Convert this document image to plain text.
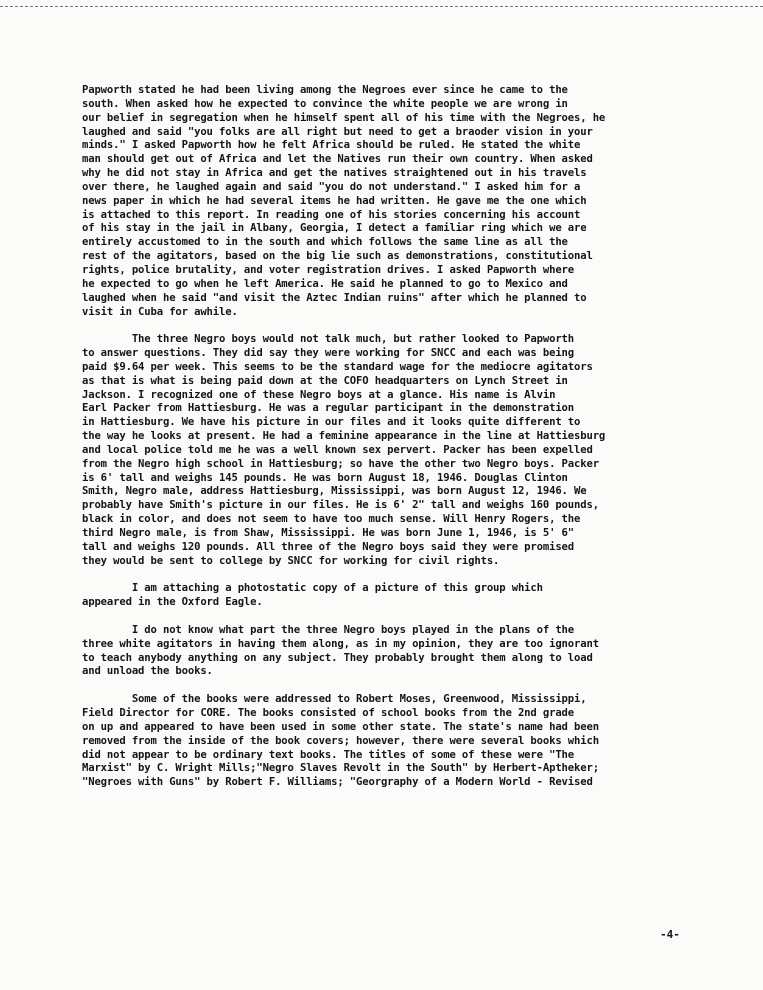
Papworth stated he had been living among the Negroes ever since he came to the
south. When asked how he expected to convince the white people we are wrong in
our belief in segregation when he himself spent all of his time with the Negroes, he
laughed and said "you folks are all right but need to get a braoder vision in your
minds." I asked Papworth how he felt Africa should be ruled. He stated the white
man should get out of Africa and let the Natives run their own country. When asked
why he did not stay in Africa and get the natives straightened out in his travels
over there, he laughed again and said "you do not understand." I asked him for a
news paper in which he had several items he had written. He gave me the one which
is attached to this report. In reading one of his stories concerning his account
of his stay in the jail in Albany, Georgia, I detect a familiar ring which we are
entirely accustomed to in the south and which follows the same line as all the
rest of the agitators, based on the big lie such as demonstrations, constitutional
rights, police brutality, and voter registration drives. I asked Papworth where
he expected to go when he left America. He said he planned to go to Mexico and
laughed when he said "and visit the Aztec Indian ruins" after which he planned to
visit in Cuba for awhile.
The three Negro boys would not talk much, but rather looked to Papworth
to answer questions. They did say they were working for SNCC and each was being
paid $9.64 per week. This seems to be the standard wage for the mediocre agitators
as that is what is being paid down at the COFO headquarters on Lynch Street in
Jackson. I recognized one of these Negro boys at a glance. His name is Alvin
Earl Packer from Hattiesburg. He was a regular participant in the demonstration
in Hattiesburg. We have his picture in our files and it looks quite different to
the way he looks at present. He had a feminine appearance in the line at Hattiesburg
and local police told me he was a well known sex pervert. Packer has been expelled
from the Negro high school in Hattiesburg; so have the other two Negro boys. Packer
is 6' tall and weighs 145 pounds. He was born August 18, 1946. Douglas Clinton
Smith, Negro male, address Hattiesburg, Mississippi, was born August 12, 1946. We
probably have Smith's picture in our files. He is 6' 2" tall and weighs 160 pounds,
black in color, and does not seem to have too much sense. Will Henry Rogers, the
third Negro male, is from Shaw, Mississippi. He was born June 1, 1946, is 5' 6"
tall and weighs 120 pounds. All three of the Negro boys said they were promised
they would be sent to college by SNCC for working for civil rights.
I am attaching a photostatic copy of a picture of this group which
appeared in the Oxford Eagle.
I do not know what part the three Negro boys played in the plans of the
three white agitators in having them along, as in my opinion, they are too ignorant
to teach anybody anything on any subject. They probably brought them along to load
and unload the books.
Some of the books were addressed to Robert Moses, Greenwood, Mississippi,
Field Director for CORE. The books consisted of school books from the 2nd grade
on up and appeared to have been used in some other state. The state's name had been
removed from the inside of the book covers; however, there were several books which
did not appear to be ordinary text books. The titles of some of these were "The
Marxist" by C. Wright Mills;"Negro Slaves Revolt in the South" by Herbert-Aptheker;
"Negroes with Guns" by Robert F. Williams; "Georgraphy of a Modern World - Revised
-4-
